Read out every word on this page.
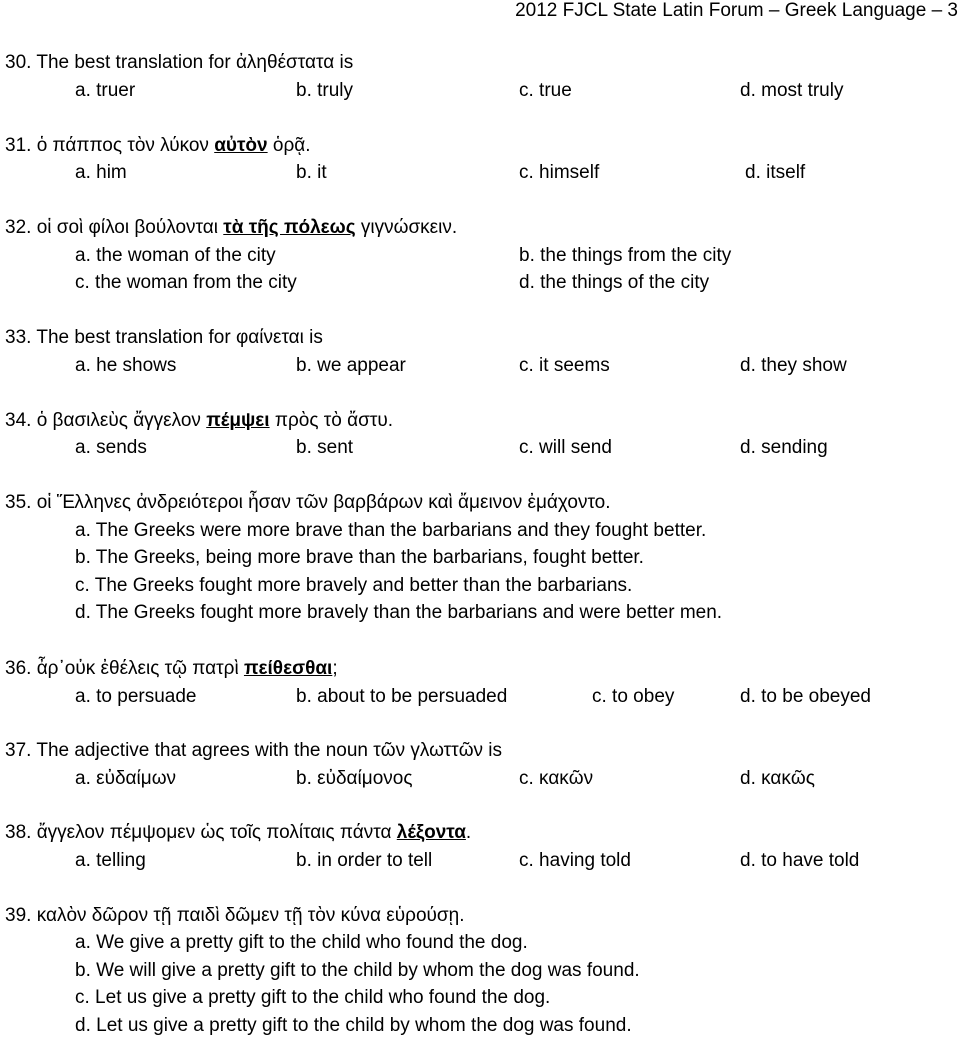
2012 FJCL State Latin Forum – Greek Language – 3
30. The best translation for ἀληθέστατα is
a. truer	b. truly	c. true	d. most truly
31. ὁ πάππος τὸν λύκον αὐτὸν ὁρᾷ.
a. him	b. it	c. himself	d. itself
32. οἱ σοὶ φίλοι βούλονται τὰ τῆς πόλεως γιγνώσκειν.
a. the woman of the city	b. the things from the city
c. the woman from the city	d. the things of the city
33. The best translation for φαίνεται is
a. he shows	b. we appear	c. it seems	d. they show
34. ὁ βασιλεὺς ἄγγελον πέμψει πρὸς τὸ ἄστυ.
a. sends	b. sent	c. will send	d. sending
35. οἱ Ἕλληνες ἀνδρειότεροι ἦσαν τῶν βαρβάρων καὶ ἄμεινον ἐμάχοντο.
a. The Greeks were more brave than the barbarians and they fought better.
b. The Greeks, being more brave than the barbarians, fought better.
c. The Greeks fought more bravely and better than the barbarians.
d. The Greeks fought more bravely than the barbarians and were better men.
36. ἆρ᾽οὐκ ἐθέλεις τῷ πατρὶ πείθεσθαι;
a. to persuade	b. about to be persuaded	c. to obey	d. to be obeyed
37. The adjective that agrees with the noun τῶν γλωττῶν is
a. εὐδαίμων	b. εὐδαίμονος	c. κακῶν	d. κακῶς
38. ἄγγελον πέμψομεν ὡς τοῖς πολίταις πάντα λέξοντα.
a. telling	b. in order to tell	c. having told	d. to have told
39. καλὸν δῶρον τῇ παιδὶ δῶμεν τῇ τὸν κύνα εὑρούσῃ.
a. We give a pretty gift to the child who found the dog.
b. We will give a pretty gift to the child by whom the dog was found.
c. Let us give a pretty gift to the child who found the dog.
d. Let us give a pretty gift to the child by whom the dog was found.
